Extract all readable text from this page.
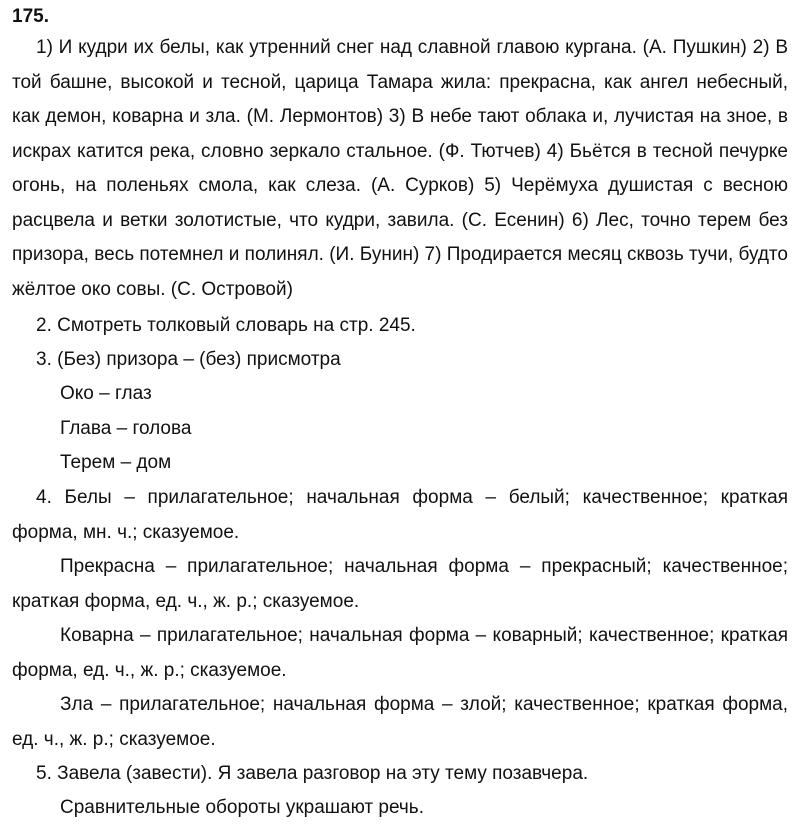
175.
1) И кудри их белы, как утренний снег над славной главою кургана. (А. Пушкин) 2) В той башне, высокой и тесной, царица Тамара жила: прекрасна, как ангел небесный, как демон, коварна и зла. (М. Лермонтов) 3) В небе тают облака и, лучистая на зное, в искрах катится река, словно зеркало стальное. (Ф. Тютчев) 4) Бьётся в тесной печурке огонь, на поленьях смола, как слеза. (А. Сурков) 5) Черёмуха душистая с весною расцвела и ветки золотистые, что кудри, завила. (С. Есенин) 6) Лес, точно терем без призора, весь потемнел и полинял. (И. Бунин) 7) Продирается месяц сквозь тучи, будто жёлтое око совы. (С. Островой)
2. Смотреть толковый словарь на стр. 245.
3. (Без) призора – (без) присмотра
Око – глаз
Глава – голова
Терем – дом
4. Белы – прилагательное; начальная форма – белый; качественное; краткая форма, мн. ч.; сказуемое.
Прекрасна – прилагательное; начальная форма – прекрасный; качественное; краткая форма, ед. ч., ж. р.; сказуемое.
Коварна – прилагательное; начальная форма – коварный; качественное; краткая форма, ед. ч., ж. р.; сказуемое.
Зла – прилагательное; начальная форма – злой; качественное; краткая форма, ед. ч., ж. р.; сказуемое.
5. Завела (завести). Я завела разговор на эту тему позавчера.
Сравнительные обороты украшают речь.
